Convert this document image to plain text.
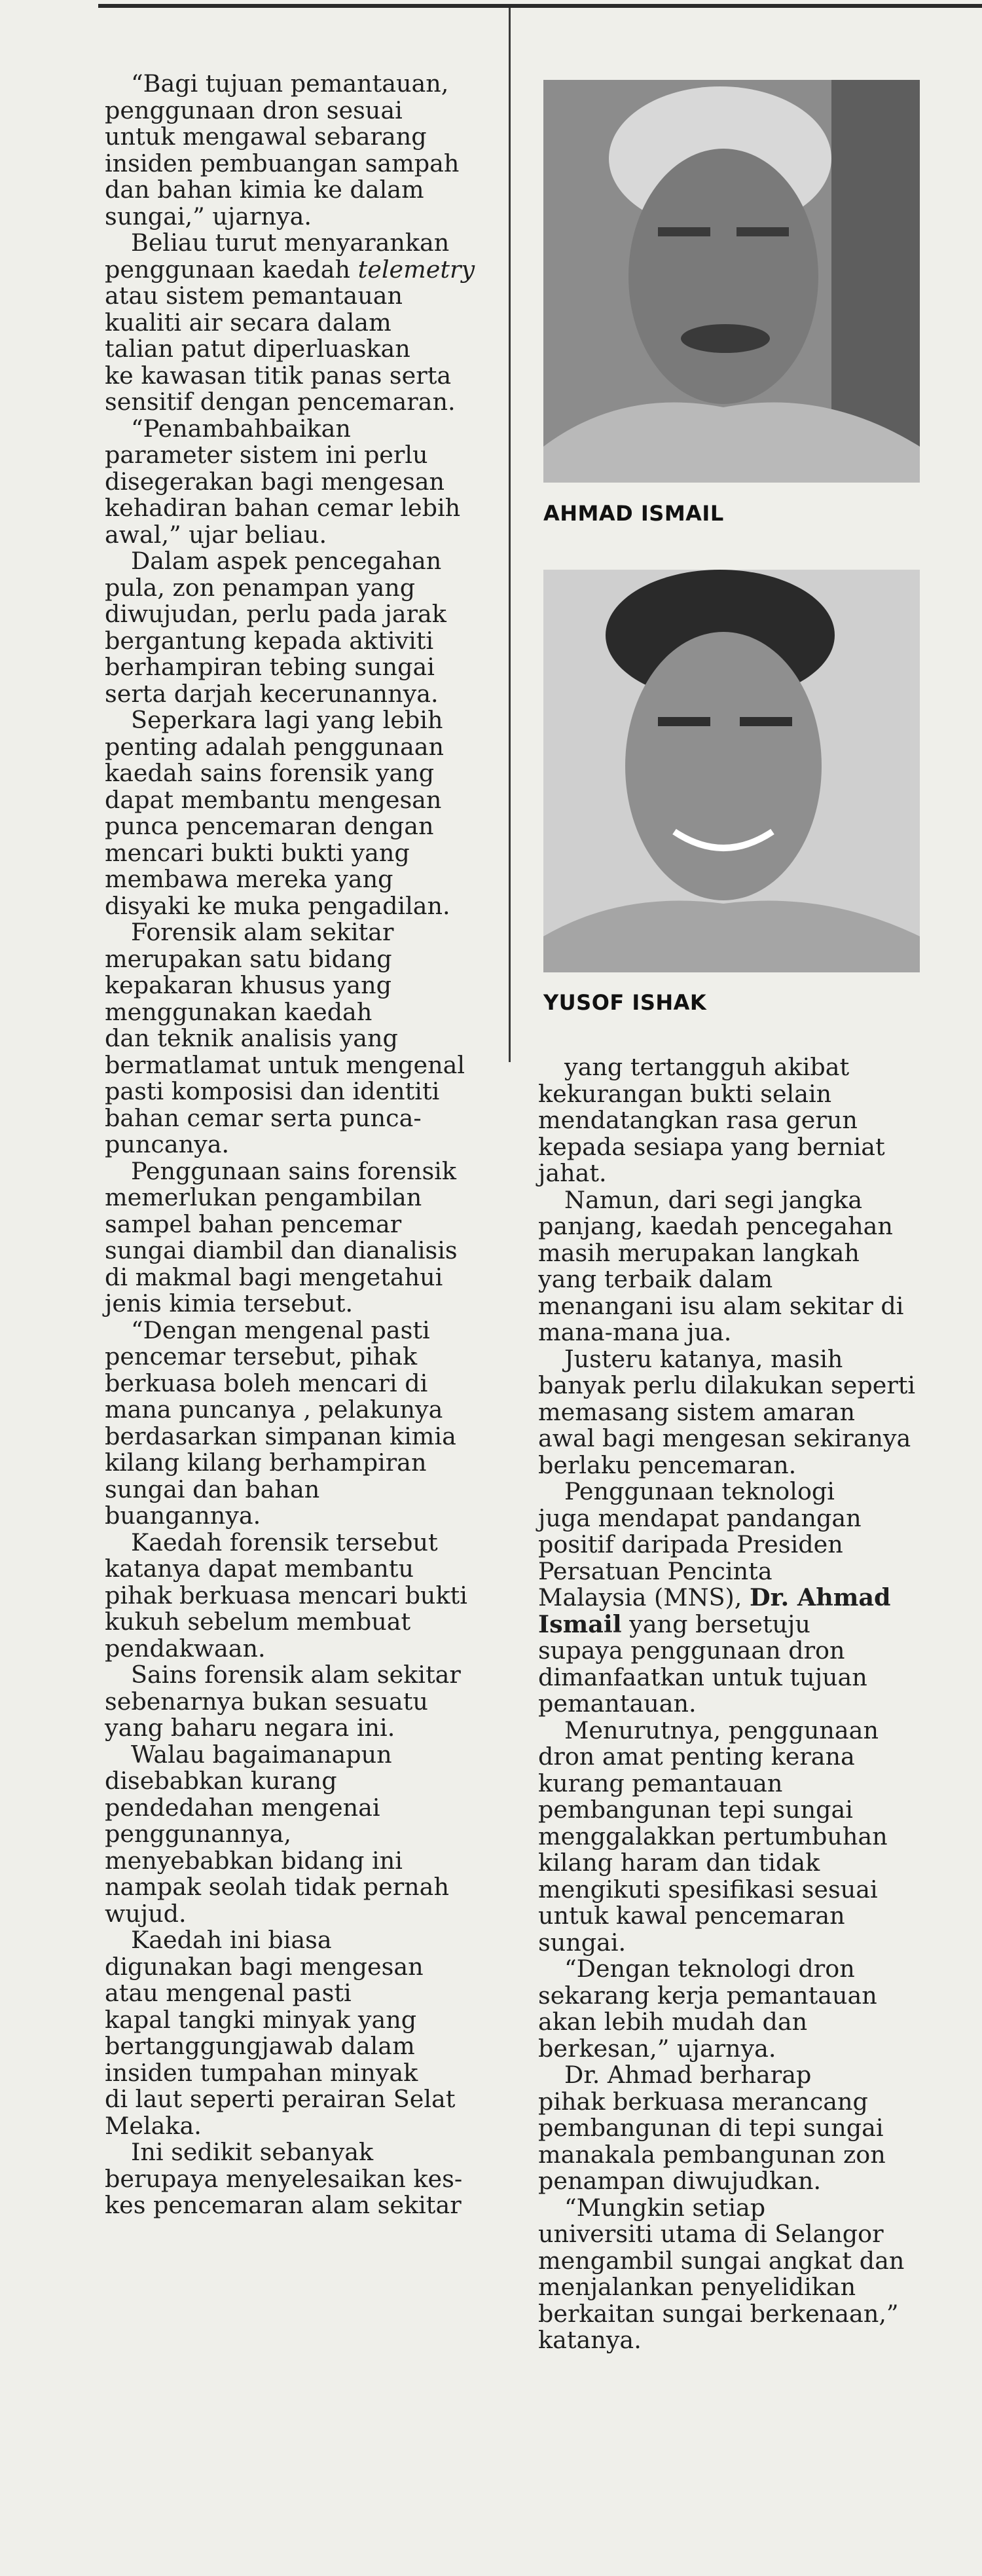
“Bagi tujuan pemantauan,
penggunaan dron sesuai
untuk mengawal sebarang
insiden pembuangan sampah
dan bahan kimia ke dalam
sungai,” ujarnya.

Beliau turut menyarankan
penggunaan kaedah telemetry
atau sistem pemantauan
kualiti air secara dalam
talian patut diperluaskan
ke kawasan titik panas serta
sensitif dengan pencemaran.

“Penambahbaikan
parameter sistem ini perlu
disegerakan bagi mengesan
kehadiran bahan cemar lebih
awal,” ujar beliau.

Dalam aspek pencegahan
pula, zon penampan yang
diwujudan, perlu pada jarak
bergantung kepada aktiviti
berhampiran tebing sungai
serta darjah kecerunannya.

Seperkara lagi yang lebih
penting adalah penggunaan
kaedah sains forensik yang
dapat membantu mengesan
punca pencemaran dengan
mencari bukti bukti yang
membawa mereka yang
disyaki ke muka pengadilan.

Forensik alam sekitar
merupakan satu bidang
kepakaran khusus yang
menggunakan kaedah
dan teknik analisis yang
bermatlamat untuk mengenal
pasti komposisi dan identiti
bahan cemar serta punca-
puncanya.

Penggunaan sains forensik
memerlukan pengambilan
sampel bahan pencemar
sungai diambil dan dianalisis
di makmal bagi mengetahui
jenis kimia tersebut.

“Dengan mengenal pasti
pencemar tersebut, pihak
berkuasa boleh mencari di
mana puncanya , pelakunya
berdasarkan simpanan kimia
kilang kilang berhampiran
sungai dan bahan
buangannya.

Kaedah forensik tersebut
katanya dapat membantu
pihak berkuasa mencari bukti
kukuh sebelum membuat
pendakwaan.

Sains forensik alam sekitar
sebenarnya bukan sesuatu
yang baharu negara ini.

Walau bagaimanapun
disebabkan kurang
pendedahan mengenai
penggunannya,
menyebabkan bidang ini
nampak seolah tidak pernah
wujud.

Kaedah ini biasa
digunakan bagi mengesan
atau mengenal pasti
kapal tangki minyak yang
bertanggungjawab dalam
insiden tumpahan minyak
di laut seperti perairan Selat
Melaka.

Ini sedikit sebanyak
berupaya menyelesaikan kes-
kes pencemaran alam sekitar

AHMAD ISMAIL
YUSOF ISHAK

yang tertangguh akibat
kekurangan bukti selain
mendatangkan rasa gerun
kepada sesiapa yang berniat
jahat.

Namun, dari segi jangka
panjang, kaedah pencegahan
masih merupakan langkah
yang terbaik dalam
menangani isu alam sekitar di
mana-mana jua.

Justeru katanya, masih
banyak perlu dilakukan seperti
memasang sistem amaran
awal bagi mengesan sekiranya
berlaku pencemaran.

Penggunaan teknologi
juga mendapat pandangan
positif daripada Presiden
Persatuan Pencinta
Malaysia (MNS), Dr. Ahmad
Ismail yang bersetuju
supaya penggunaan dron
dimanfaatkan untuk tujuan
pemantauan.

Menurutnya, penggunaan
dron amat penting kerana
kurang pemantauan
pembangunan tepi sungai
menggalakkan pertumbuhan
kilang haram dan tidak
mengikuti spesifikasi sesuai
untuk kawal pencemaran
sungai.

“Dengan teknologi dron
sekarang kerja pemantauan
akan lebih mudah dan
berkesan,” ujarnya.

Dr. Ahmad berharap
pihak berkuasa merancang
pembangunan di tepi sungai
manakala pembangunan zon
penampan diwujudkan.

“Mungkin setiap
universiti utama di Selangor
mengambil sungai angkat dan
menjalankan penyelidikan
berkaitan sungai berkenaan,”
katanya.
